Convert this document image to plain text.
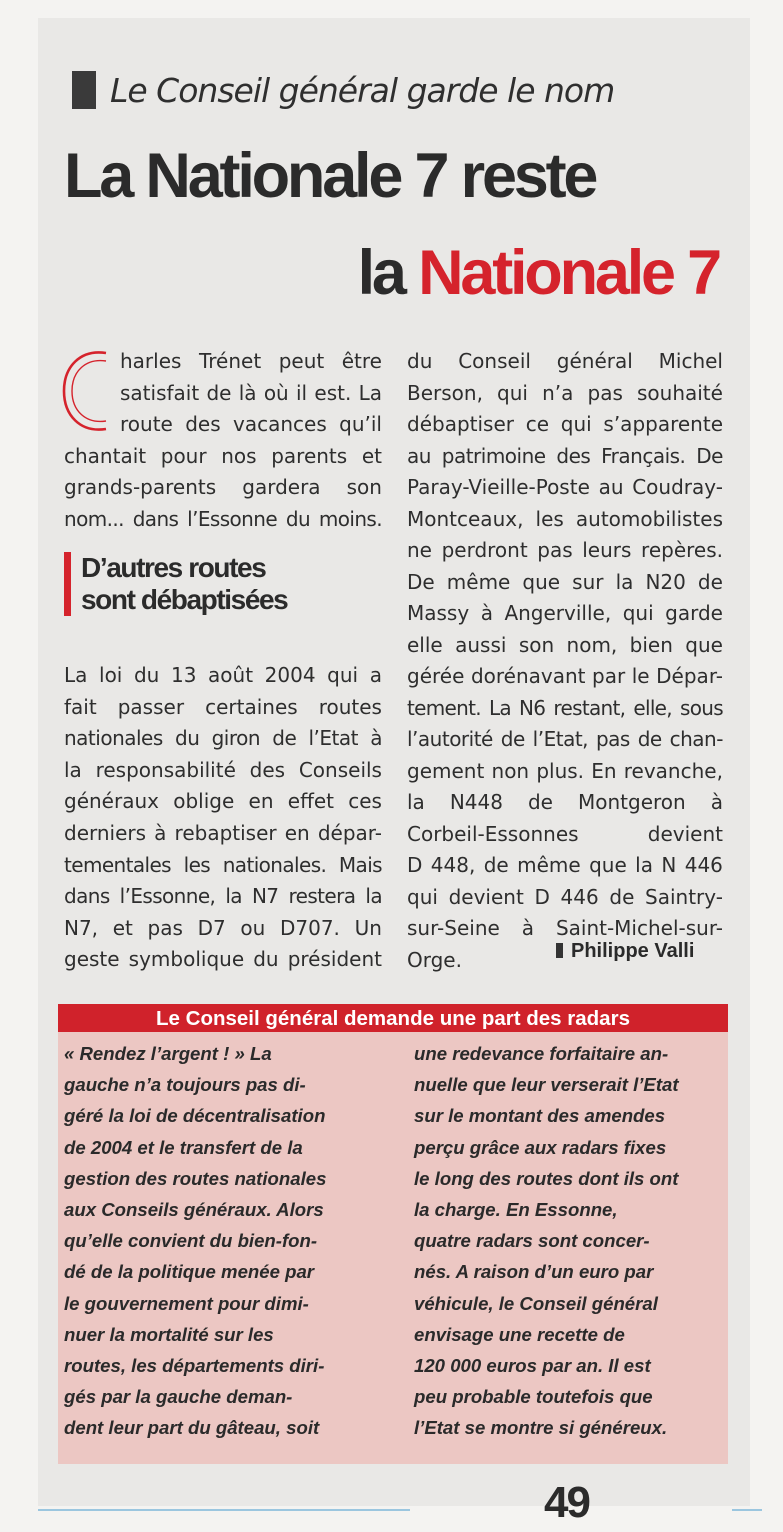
Le Conseil général garde le nom
La Nationale 7 reste
la Nationale 7
harles Trénet peut être
satisfait de là où il est. La
route des vacances qu’il
chantait pour nos parents et
grands-parents gardera son
nom... dans l’Essonne du moins.
D’autres routes
sont débaptisées
La loi du 13 août 2004 qui a
fait passer certaines routes
nationales du giron de l’Etat à
la responsabilité des Conseils
généraux oblige en effet ces
derniers à rebaptiser en dépar-
tementales les nationales. Mais
dans l’Essonne, la N7 restera la
N7, et pas D7 ou D707. Un
geste symbolique du président
du Conseil général Michel
Berson, qui n’a pas souhaité
débaptiser ce qui s’apparente
au patrimoine des Français. De
Paray-Vieille-Poste au Coudray-
Montceaux, les automobilistes
ne perdront pas leurs repères.
De même que sur la N20 de
Massy à Angerville, qui garde
elle aussi son nom, bien que
gérée dorénavant par le Dépar-
tement. La N6 restant, elle, sous
l’autorité de l’Etat, pas de chan-
gement non plus. En revanche,
la N448 de Montgeron à
Corbeil-Essonnes	devient
D 448, de même que la N 446
qui devient D 446 de Saintry-
sur-Seine à Saint-Michel-sur-
Orge.	Philippe Valli
Le Conseil général demande une part des radars
« Rendez l’argent ! » La
gauche n’a toujours pas di-
géré la loi de décentralisation
de 2004 et le transfert de la
gestion des routes nationales
aux Conseils généraux. Alors
qu’elle convient du bien-fon-
dé de la politique menée par
le gouvernement pour dimi-
nuer la mortalité sur les
routes, les départements diri-
gés par la gauche deman-
dent leur part du gâteau, soit
une redevance forfaitaire an-
nuelle que leur verserait l’Etat
sur le montant des amendes
perçu grâce aux radars fixes
le long des routes dont ils ont
la charge. En Essonne,
quatre radars sont concer-
nés. A raison d’un euro par
véhicule, le Conseil général
envisage une recette de
120 000 euros par an. Il est
peu probable toutefois que
l’Etat se montre si généreux.
49
